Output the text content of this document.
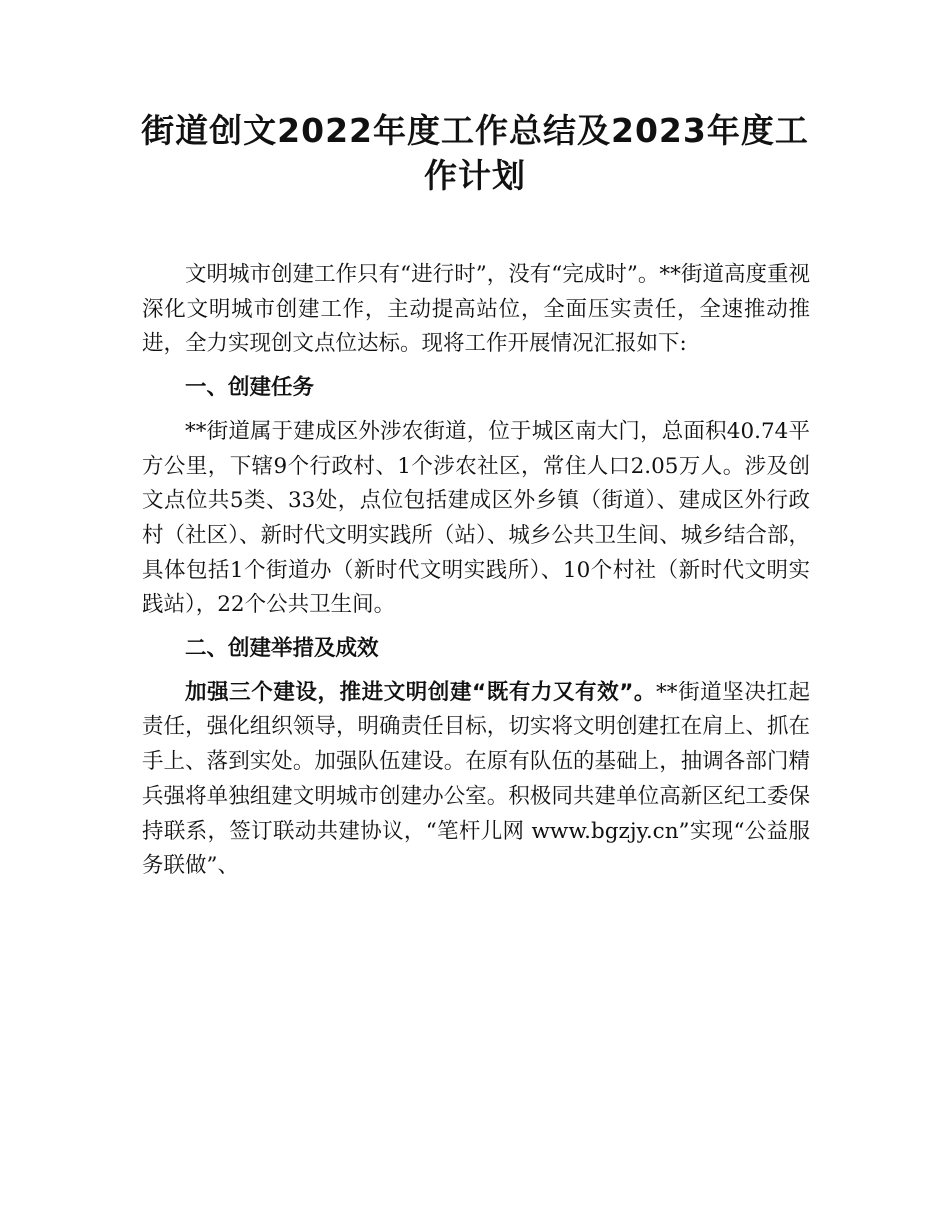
街道创文2022年度工作总结及2023年度工作计划

文明城市创建工作只有“进行时”，没有“完成时”。**街道高度重视深化文明城市创建工作，主动提高站位，全面压实责任，全速推动推进，全力实现创文点位达标。现将工作开展情况汇报如下:

一、创建任务

**街道属于建成区外涉农街道，位于城区南大门，总面积40.74平方公里，下辖9个行政村、1个涉农社区，常住人口2.05万人。涉及创文点位共5类、33处，点位包括建成区外乡镇（街道）、建成区外行政村（社区）、新时代文明实践所（站）、城乡公共卫生间、城乡结合部，具体包括1个街道办（新时代文明实践所）、10个村社（新时代文明实践站），22个公共卫生间。

二、创建举措及成效

加强三个建设，推进文明创建“既有力又有效”。**街道坚决扛起责任，强化组织领导，明确责任目标，切实将文明创建扛在肩上、抓在手上、落到实处。加强队伍建设。在原有队伍的基础上，抽调各部门精兵强将单独组建文明城市创建办公室。积极同共建单位高新区纪工委保持联系，签订联动共建协议，“笔杆儿网 www.bgzjy.cn”实现“公益服务联做”、
